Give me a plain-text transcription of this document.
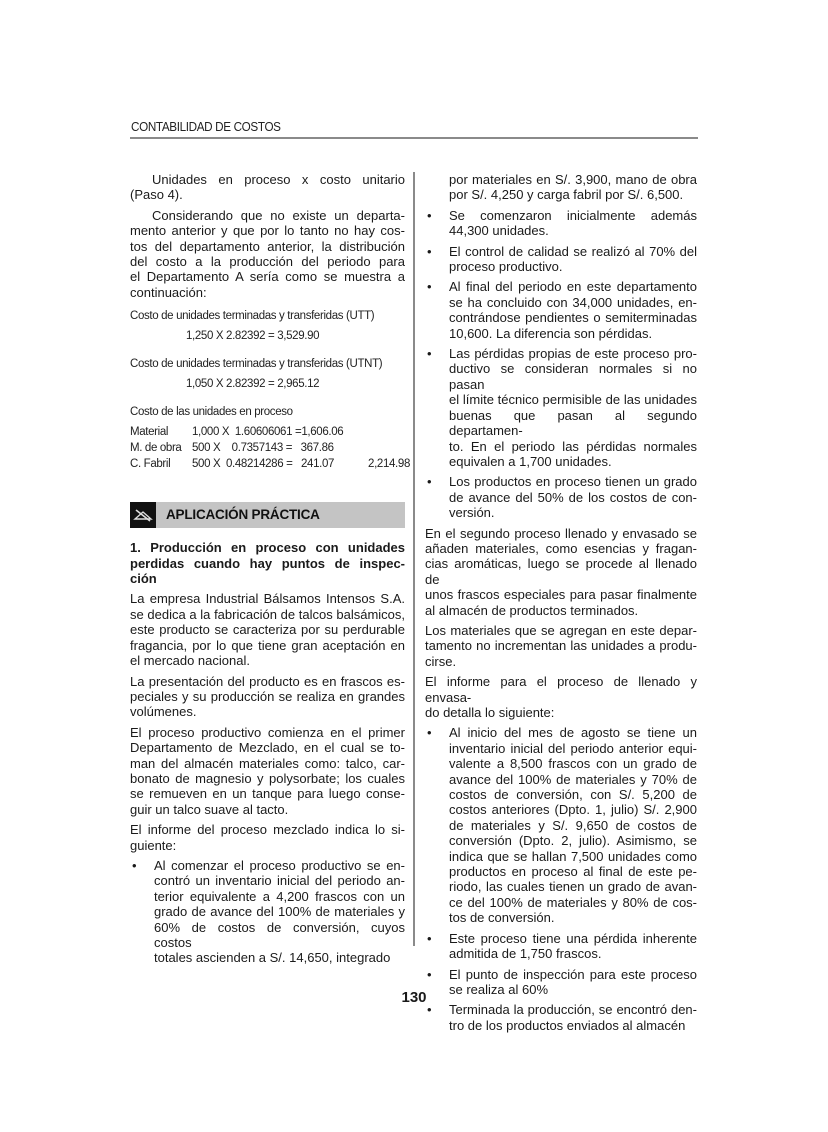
CONTABILIDAD DE COSTOS
Unidades en proceso x costo unitario
(Paso 4).
Considerando que no existe un departa-
mento anterior y que por lo tanto no hay cos-
tos del departamento anterior, la distribución
del costo a la producción del periodo para
el Departamento A sería como se muestra a
continuación:
Costo de unidades terminadas y transferidas (UTT)
1,250 X 2.82392 = 3,529.90
Costo de unidades terminadas y transferidas (UTNT)
1,050 X 2.82392 = 2,965.12
Costo de las unidades en proceso
Material	1,000 X  1.60606061 =1,606.06
M. de obra 500 X    0.7357143 =   367.86
C. Fabril	500 X  0.48214286 =   241.07	2,214.98
APLICACIÓN PRÁCTICA
1. Producción en proceso con unidades
perdidas cuando hay puntos de inspec-
ción
La empresa Industrial Bálsamos Intensos S.A.
se dedica a la fabricación de talcos balsámicos,
este producto se caracteriza por su perdurable
fragancia, por lo que tiene gran aceptación en
el mercado nacional.
La presentación del producto es en frascos es-
peciales y su producción se realiza en grandes
volúmenes.
El proceso productivo comienza en el primer
Departamento de Mezclado, en el cual se to-
man del almacén materiales como: talco, car-
bonato de magnesio y polysorbate; los cuales
se remueven en un tanque para luego conse-
guir un talco suave al tacto.
El informe del proceso mezclado indica lo si-
guiente:
• Al comenzar el proceso productivo se en-
contró un inventario inicial del periodo an-
terior equivalente a 4,200 frascos con un
grado de avance del 100% de materiales y
60% de costos de conversión, cuyos costos
totales ascienden a S/. 14,650, integrado
por materiales en S/. 3,900, mano de obra
por S/. 4,250 y carga fabril por S/. 6,500.
• Se comenzaron inicialmente además
44,300 unidades.
• El control de calidad se realizó al 70% del
proceso productivo.
• Al final del periodo en este departamento
se ha concluido con 34,000 unidades, en-
contrándose pendientes o semiterminadas
10,600. La diferencia son pérdidas.
• Las pérdidas propias de este proceso pro-
ductivo se consideran normales si no pasan
el límite técnico permisible de las unidades
buenas que pasan al segundo departamen-
to. En el periodo las pérdidas normales
equivalen a 1,700 unidades.
• Los productos en proceso tienen un grado
de avance del 50% de los costos de con-
versión.
En el segundo proceso llenado y envasado se
añaden materiales, como esencias y fragan-
cias aromáticas, luego se procede al llenado de
unos frascos especiales para pasar finalmente
al almacén de productos terminados.
Los materiales que se agregan en este depar-
tamento no incrementan las unidades a produ-
cirse.
El informe para el proceso de llenado y envasa-
do detalla lo siguiente:
• Al inicio del mes de agosto se tiene un
inventario inicial del periodo anterior equi-
valente a 8,500 frascos con un grado de
avance del 100% de materiales y 70% de
costos de conversión, con S/. 5,200 de
costos anteriores (Dpto. 1, julio) S/. 2,900
de materiales y S/. 9,650 de costos de
conversión (Dpto. 2, julio). Asimismo, se
indica que se hallan 7,500 unidades como
productos en proceso al final de este pe-
riodo, las cuales tienen un grado de avan-
ce del 100% de materiales y 80% de cos-
tos de conversión.
• Este proceso tiene una pérdida inherente
admitida de 1,750 frascos.
• El punto de inspección para este proceso
se realiza al 60%
• Terminada la producción, se encontró den-
tro de los productos enviados al almacén
130
